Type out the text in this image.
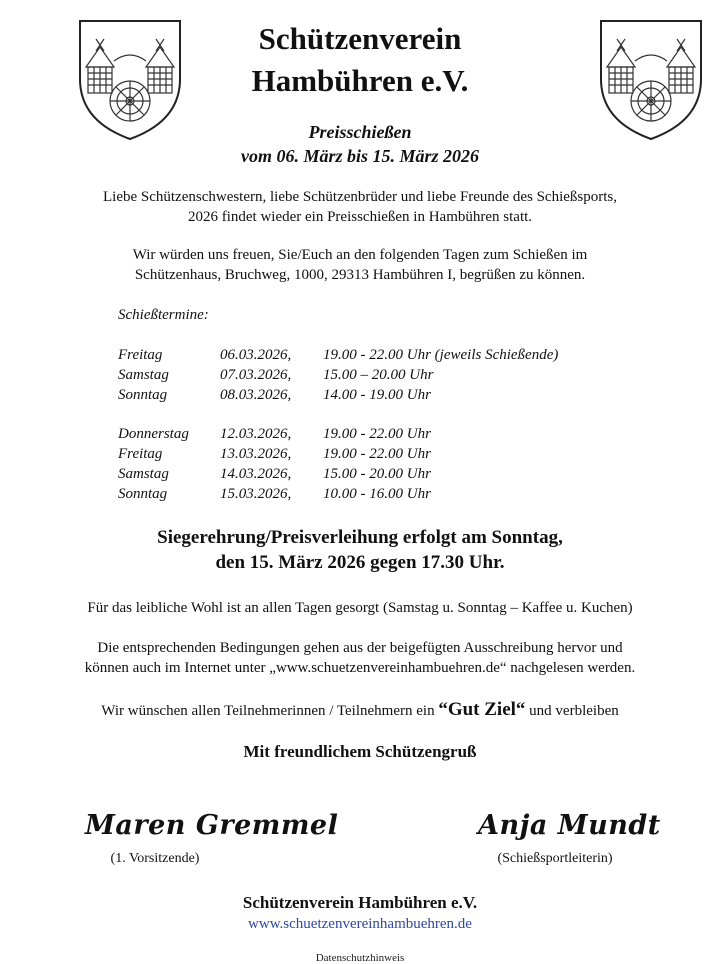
Schützenverein
Hambühren e.V.
Preisschießen
vom 06. März bis 15. März 2026
Liebe Schützenschwestern, liebe Schützenbrüder und liebe Freunde des Schießsports,
2026 findet wieder ein Preisschießen in Hambühren statt.
Wir würden uns freuen, Sie/Euch an den folgenden Tagen zum Schießen im
Schützenhaus, Bruchweg, 1000, 29313 Hambühren I, begrüßen zu können.
Schießtermine:
Freitag	06.03.2026, 19.00 - 22.00 Uhr (jeweils Schießende)
Samstag	07.03.2026, 15.00 – 20.00 Uhr
Sonntag	08.03.2026, 14.00 - 19.00 Uhr
Donnerstag 12.03.2026, 19.00 - 22.00 Uhr
Freitag	13.03.2026, 19.00 - 22.00 Uhr
Samstag	14.03.2026, 15.00 - 20.00 Uhr
Sonntag	15.03.2026, 10.00 - 16.00 Uhr
Siegerehrung/Preisverleihung erfolgt am Sonntag,
den 15. März 2026 gegen 17.30 Uhr.
Für das leibliche Wohl ist an allen Tagen gesorgt (Samstag u. Sonntag – Kaffee u. Kuchen)
Die entsprechenden Bedingungen gehen aus der beigefügten Ausschreibung hervor und
können auch im Internet unter „www.schuetzenvereinhambuehren.de“ nachgelesen werden.
Wir wünschen allen Teilnehmerinnen / Teilnehmern ein “Gut Ziel“ und verbleiben
Mit freundlichem Schützengruß
Maren Gremmel
(1. Vorsitzende)
Anja Mundt
(Schießsportleiterin)
Schützenverein Hambühren e.V.
www.schuetzenvereinhambuehren.de
Datenschutzhinweis
